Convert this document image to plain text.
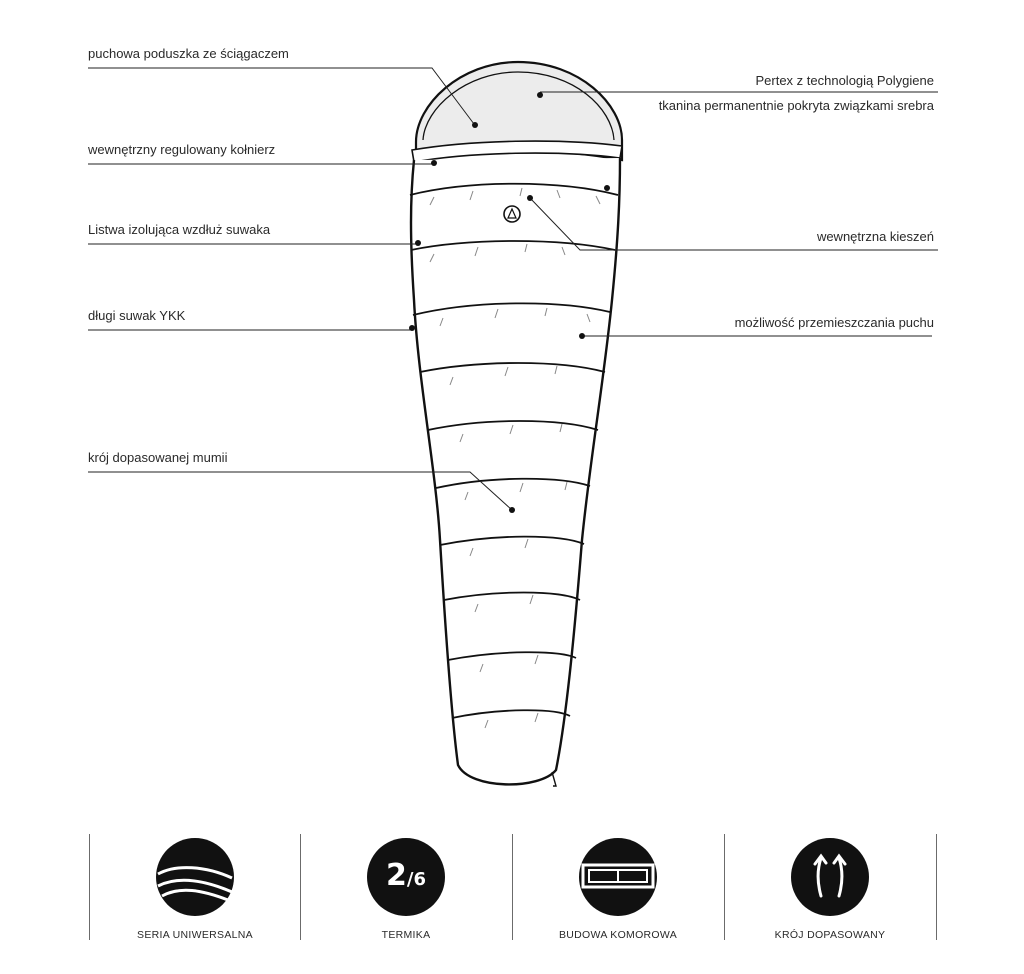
puchowa poduszka ze ściągaczem
wewnętrzny regulowany kołnierz
Listwa izolująca wzdłuż suwaka
długi suwak YKK
krój dopasowanej mumii
Pertex z technologią Polygiene
tkanina permanentnie pokryta związkami srebra
wewnętrzna kieszeń
możliwość przemieszczania puchu
SERIA UNIWERSALNA
2/6
TERMIKA	BUDOWA KOMOROWA	KRÓJ DOPASOWANY
